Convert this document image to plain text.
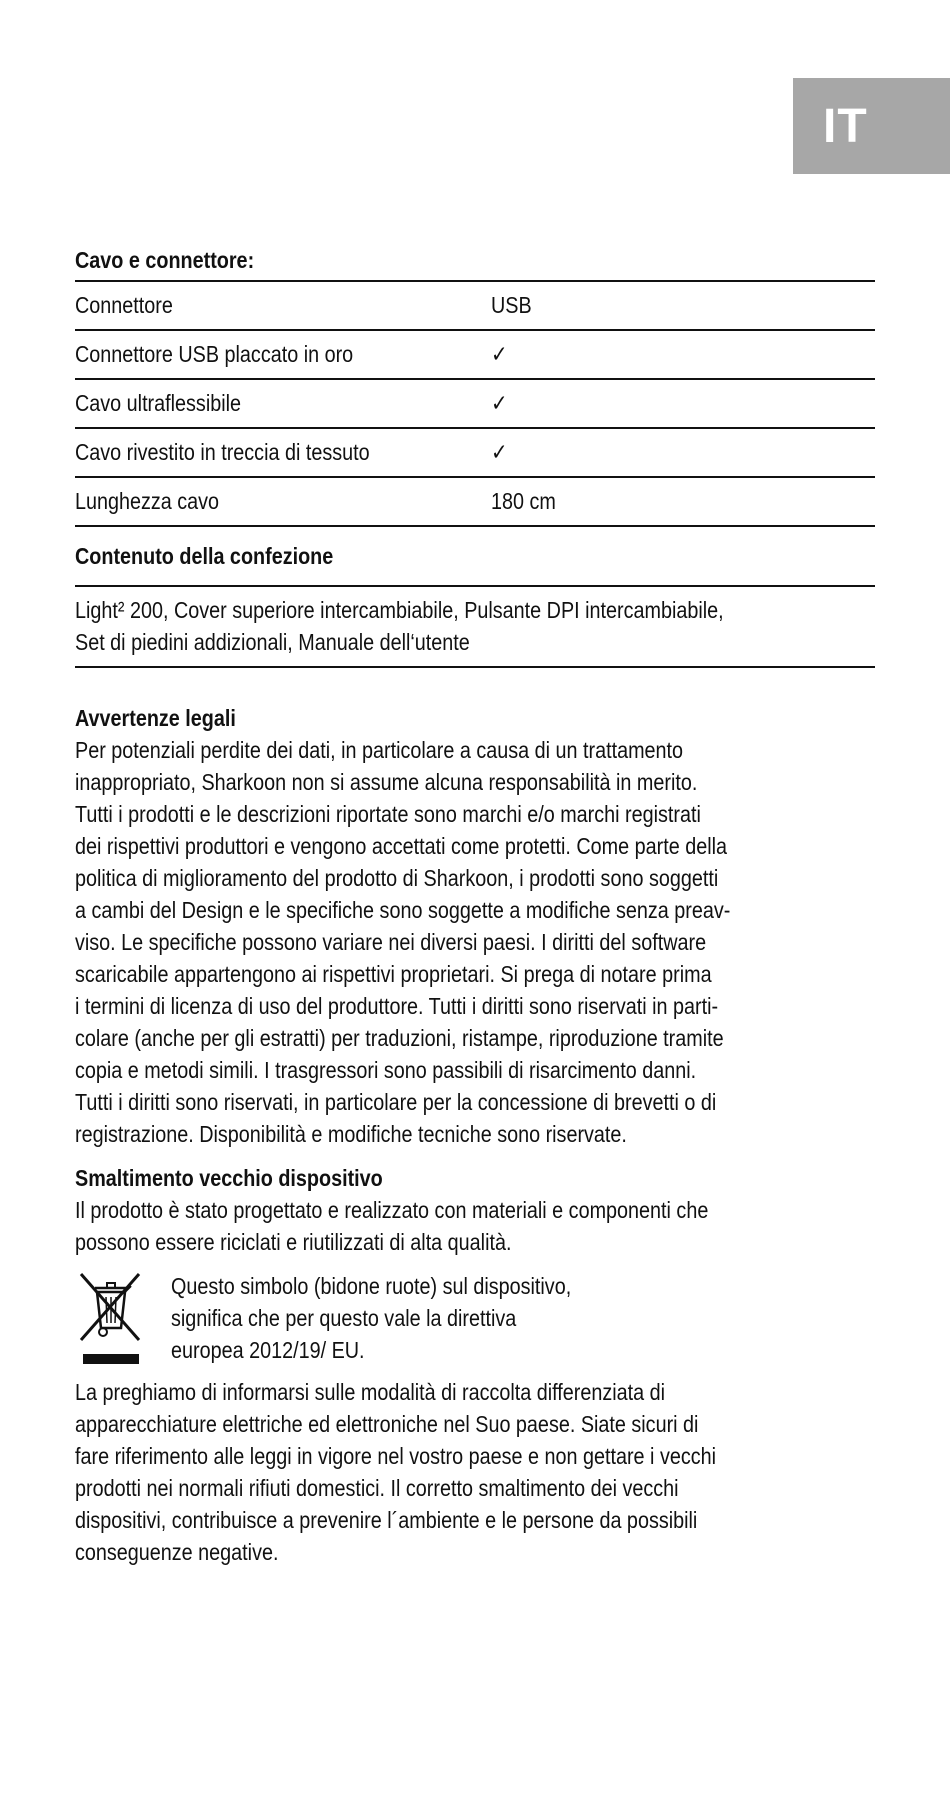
IT
Cavo e connettore:
Connettore	USB
Connettore USB placcato in oro	✓
Cavo ultraflessibile	✓
Cavo rivestito in treccia di tessuto	✓
Lunghezza cavo	180 cm
Contenuto della confezione
Light² 200, Cover superiore intercambiabile, Pulsante DPI intercambiabile,
Set di piedini addizionali, Manuale dell‘utente
Avvertenze legali
Per potenziali perdite dei dati, in particolare a causa di un trattamento
inappropriato, Sharkoon non si assume alcuna responsabilità in merito.
Tutti i prodotti e le descrizioni riportate sono marchi e/o marchi registrati
dei rispettivi produttori e vengono accettati come protetti. Come parte della
politica di miglioramento del prodotto di Sharkoon, i prodotti sono soggetti
a cambi del Design e le specifiche sono soggette a modifiche senza preav-
viso. Le specifiche possono variare nei diversi paesi. I diritti del software
scaricabile appartengono ai rispettivi proprietari. Si prega di notare prima
i termini di licenza di uso del produttore. Tutti i diritti sono riservati in parti-
colare (anche per gli estratti) per traduzioni, ristampe, riproduzione tramite
copia e metodi simili. I trasgressori sono passibili di risarcimento danni.
Tutti i diritti sono riservati, in particolare per la concessione di brevetti o di
registrazione. Disponibilità e modifiche tecniche sono riservate.
Smaltimento vecchio dispositivo
Il prodotto è stato progettato e realizzato con materiali e componenti che
possono essere riciclati e riutilizzati di alta qualità.
Questo simbolo (bidone ruote) sul dispositivo,
significa che per questo vale la direttiva
europea 2012/19/ EU.
La preghiamo di informarsi sulle modalità di raccolta differenziata di
apparecchiature elettriche ed elettroniche nel Suo paese. Siate sicuri di
fare riferimento alle leggi in vigore nel vostro paese e non gettare i vecchi
prodotti nei normali rifiuti domestici. Il corretto smaltimento dei vecchi
dispositivi, contribuisce a prevenire l´ambiente e le persone da possibili
conseguenze negative.
